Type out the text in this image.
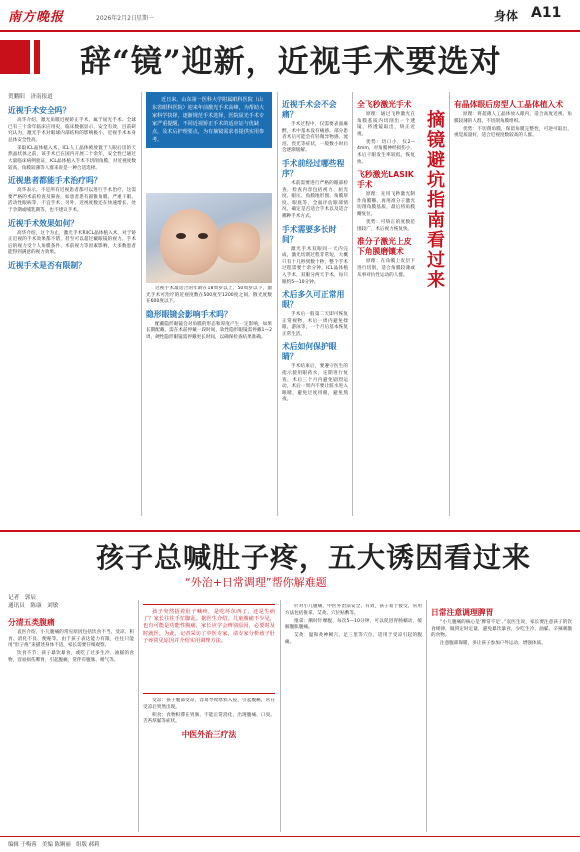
南方晚报	2026年2月2日 星期一	身体 A11
辞“镜”迎新，近视手术要选对
贺鹏阳　济南报道
近视手术安全吗？

高华介绍，激光角膜近视矫正手术，属于屈光手术。全球已有三十余年临床应用史，临床数据显示，安全有效，目前研究认为，激光手术对眼球内部结构的影响极小，近视手术本身总体安全性高。

采取ICL晶体植入术，ICL人工晶体被放置于人眼后房的天然晶状体之前，该手术已在国内开展二十余年，安全性已通过大量临床病例验证，ICL晶体植入手术不切削角膜，对近视度数较高、角膜较薄等人群来说是一种合适选择。

近视患者都能手术治疗吗？

高华表示，不是所有近视患者都可以进行手术治疗，这需要严格的术前检查及筛查，如患者患有圆锥角膜、严重干眼、活动性眼病等，不宜手术；另外，近视度数还在快速增长、处于孕期或哺乳期等，也不建议手术。

近视手术效果如何？

高华介绍，这个为止，激光手术和ICL晶体植入术，对于矫正近视的手术效果都不错，甚至可以超过戴眼镜的视力。手术后的视力受个人角膜条件、术前视力等因素影响，大多数患者能得到满意的视力效果。

近视手术是否有限制？
近日来，山东第一医科大学附属眼科医院（山东省眼科医院）迎来年前激光手术高峰，为帮助大家科学抉择，逐渐规范手术选择，医院屈光手术专家严重提醒，不同近视矫正手术的适应证与优缺点，及术后护理要点，为有摘镜需求者提供实用参考。

近视手术最适合的年龄在18周岁以上，50周岁以下，激光手术可治疗的近视度数在500度至1200度之间，散光度数在600度以下。

隐形眼镜会影响手术吗？

配戴隐形眼镜会对角膜的形态和厚度产生一定影响，如果长期配戴，需在术前停戴一段时间，软性隐形眼镜需停戴1—2周，硬性隐形眼镜需停戴更长时间，以确保检查结果准确。

近视手术会不会痛？

手术过程中，仅需要表面麻醉，术中基本没有痛感。部分患者术后可能会有轻微异物感、流泪、畏光等症状，一般数小时后会逐渐缓解。

手术前经过哪些程序？

术前需要进行严格的眼部检查，检查内容包括视力、屈光度、眼压、角膜地形图、角膜厚度、眼底等，全面评估眼部情况，确定是否适合手术以及适合哪种手术方式。

手术需要多长时间？

激光手术双眼同一天内完成，激光切削过程非常短，大概只有十几秒到数十秒，整个手术过程需要十余分钟。ICL晶体植入手术，双眼分两天手术，每只眼约5—10分钟。

术后多久可正常用眼？

手术后一般第二天即可恢复正常视物，术后一周内避免揉眼、游泳等，一个月后基本恢复正常生活。

术后如何保护眼睛？

手术结束后，要遵守医生的指示使用眼药水，定期进行复查，术后三个月内避免剧烈运动，术后一周内不要让脏水进入眼睛，避免过度用眼，避免熬夜。

全飞秒激光手术

原理：通过飞秒激光在角膜基质内切削出一个透镜，将透镜取出，矫正近视。

优势：切口小，仅2—4mm，对角膜神经损伤小，术后干眼发生率较低，恢复快。

飞秒激光LASIK手术

原理：先用飞秒激光制作角膜瓣，再用准分子激光切削角膜基质，最后将角膜瓣复位。

优势：可矫正的度数范围较广，术后视力恢复快。

准分子激光上皮下角膜磨镶术

原理：在角膜上皮层下进行切削，适合角膜较薄或从事对抗性运动的人群。 摘镜避坑指南看过来
有晶体眼后房型人工晶体植入术

原理：将超薄人工晶体放入眼内，适合高度近视、角膜较薄的人群，不切削角膜组织。

优势：不切削角膜，保留角膜完整性，可逆可取出，视觉质量好，适合近视度数较高的人群。

孩子总喊肚子疼，五大诱因看过来
“外治+日常调理”帮你解难题
记者　郭辰
通讯员　陈康　刘敏
分清五类腹痛

袁医介绍，小儿腹痛的常见原因包括饮食不当、受凉、积食、消化不良、便秘等。由于孩子表达能力有限，往往只能用“肚子疼”来描述身体不适，家长需要仔细观察。

饮食不节：孩子暴饮暴食，或吃了过多生冷、油腻的食物，容易损伤脾胃，引起腹痛，常伴有腹胀、嗳气等。

孩子突然捂着肚子喊疼，是吃坏东西了，还是生病了？家长往往手忙脚乱。据医生介绍，儿童腹痛不少见，也有可能是功能性腹痛，家长应学会辨别原因，必要时及时就医。为此，记者采访了中医专家，请专家分析孩子肚子疼常见原因并介绍实用调理方法。

受凉：孩子腹部受凉，容易导致寒邪入侵，引起腹痛，常在受凉后突然出现。

积食：食物积滞在胃肠，不能正常消化，出现腹痛、口臭、舌苔厚腻等症状。

中医外治三疗法

针对小儿腹痛，中医外治法安全、有效，孩子易于接受，常用方法包括推拿、艾灸、穴位贴敷等。

推拿：顺时针摩腹，每次5—10分钟，可以促进胃肠蠕动，缓解腹胀腹痛。

艾灸：温和灸神阙穴、足三里等穴位，适用于受凉引起的腹痛。

日常注意调理脾胃

“小儿腹痛的核心是‘脾常不足’。”袁医生说，家长要注意孩子的饮食规律，做到定时定量，避免暴饮暴食，少吃生冷、油腻、辛辣刺激的食物。

注意腹部保暖，多让孩子参加户外运动，增强体质。

编辑 于梅蓉　美编 陈婀丽　组版 郝莉
